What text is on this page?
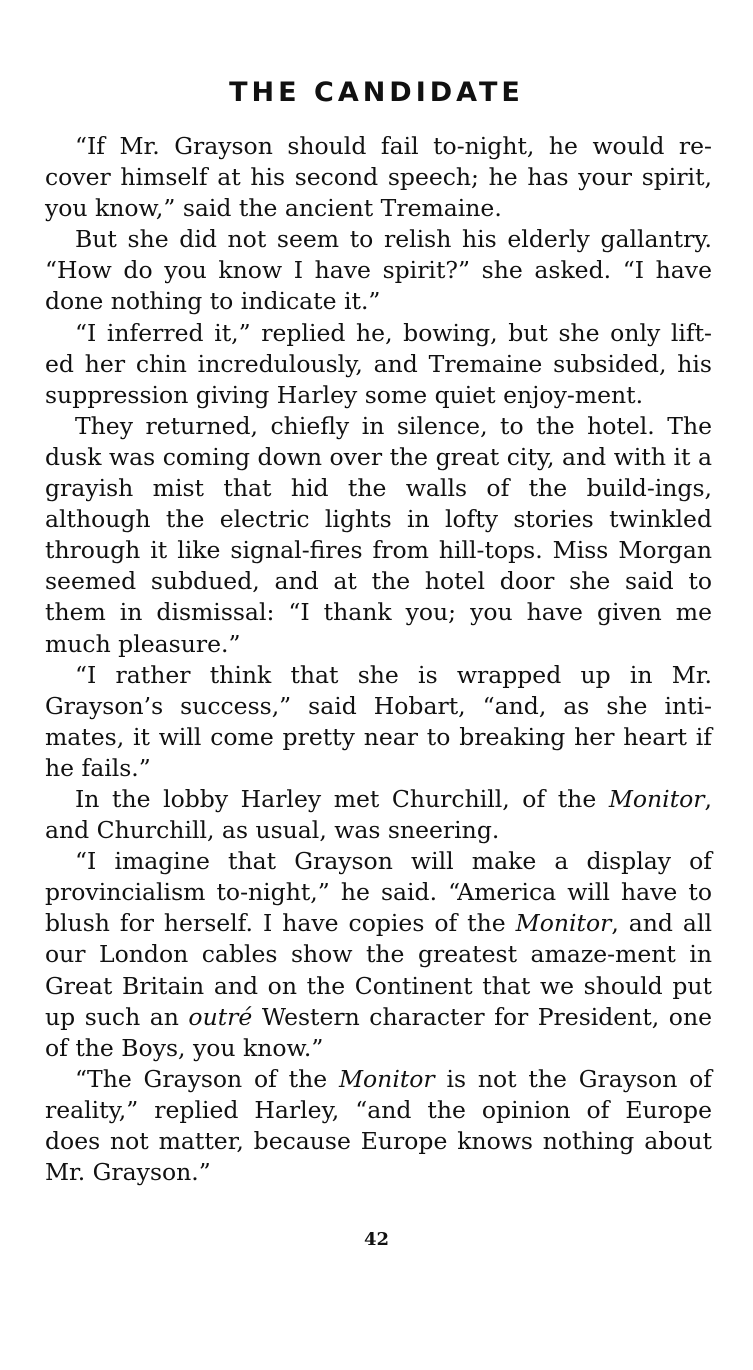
THE CANDIDATE

“If Mr. Grayson should fail to-night, he would re-cover himself at his second speech; he has your spirit, you know,” said the ancient Tremaine.

But she did not seem to relish his elderly gallantry. “How do you know I have spirit?” she asked. “I have done nothing to indicate it.”

“I inferred it,” replied he, bowing, but she only lift-ed her chin incredulously, and Tremaine subsided, his suppression giving Harley some quiet enjoy-ment.

They returned, chiefly in silence, to the hotel. The dusk was coming down over the great city, and with it a grayish mist that hid the walls of the build-ings, although the electric lights in lofty stories twinkled through it like signal-fires from hill-tops. Miss Morgan seemed subdued, and at the hotel door she said to them in dismissal: “I thank you; you have given me much pleasure.”

“I rather think that she is wrapped up in Mr. Grayson’s success,” said Hobart, “and, as she inti-mates, it will come pretty near to breaking her heart if he fails.”

In the lobby Harley met Churchill, of the Monitor, and Churchill, as usual, was sneering.

“I imagine that Grayson will make a display of provincialism to-night,” he said. “America will have to blush for herself. I have copies of the Monitor, and all our London cables show the greatest amaze-ment in Great Britain and on the Continent that we should put up such an outré Western character for President, one of the Boys, you know.”

“The Grayson of the Monitor is not the Grayson of reality,” replied Harley, “and the opinion of Europe does not matter, because Europe knows nothing about Mr. Grayson.”

42
